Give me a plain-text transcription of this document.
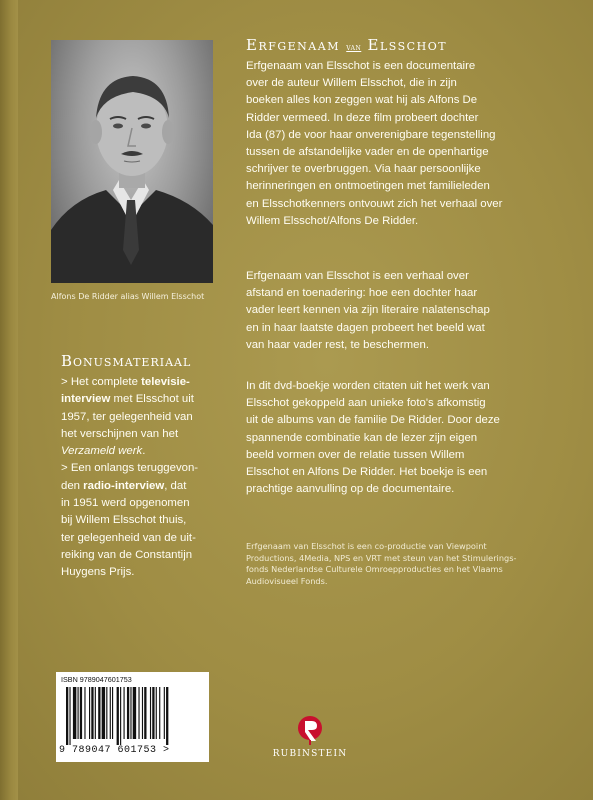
Alfons De Ridder alias Willem Elsschot
Erfgenaam van Elsschot
Erfgenaam van Elsschot is een documentaire
over de auteur Willem Elsschot, die in zijn
boeken alles kon zeggen wat hij als Alfons De
Ridder vermeed. In deze film probeert dochter
Ida (87) de voor haar onverenigbare tegenstelling
tussen de afstandelijke vader en de openhartige
schrijver te overbruggen. Via haar persoonlijke
herinneringen en ontmoetingen met familieleden
en Elsschotkenners ontvouwt zich het verhaal over
Willem Elsschot/Alfons De Ridder.
Erfgenaam van Elsschot is een verhaal over
afstand en toenadering: hoe een dochter haar
vader leert kennen via zijn literaire nalatenschap
en in haar laatste dagen probeert het beeld wat
van haar vader rest, te beschermen.
In dit dvd-boekje worden citaten uit het werk van
Elsschot gekoppeld aan unieke foto's afkomstig
uit de albums van de familie De Ridder. Door deze
spannende combinatie kan de lezer zijn eigen
beeld vormen over de relatie tussen Willem
Elsschot en Alfons De Ridder. Het boekje is een
prachtige aanvulling op de documentaire.
Erfgenaam van Elsschot is een co-productie van Viewpoint
Productions, 4Media, NPS en VRT met steun van het Stimulerings-
fonds Nederlandse Culturele Omroepproducties en het Vlaams
Audiovisueel Fonds.
Bonusmateriaal
> Het complete televisie-
interview met Elsschot uit
1957, ter gelegenheid van
het verschijnen van het
Verzameld werk.
> Een onlangs teruggevon-
den radio-interview, dat
in 1951 werd opgenomen
bij Willem Elsschot thuis,
ter gelegenheid van de uit-
reiking van de Constantijn
Huygens Prijs.
ISBN 9789047601753
9 789047 601753 >	RUBINSTEIN
